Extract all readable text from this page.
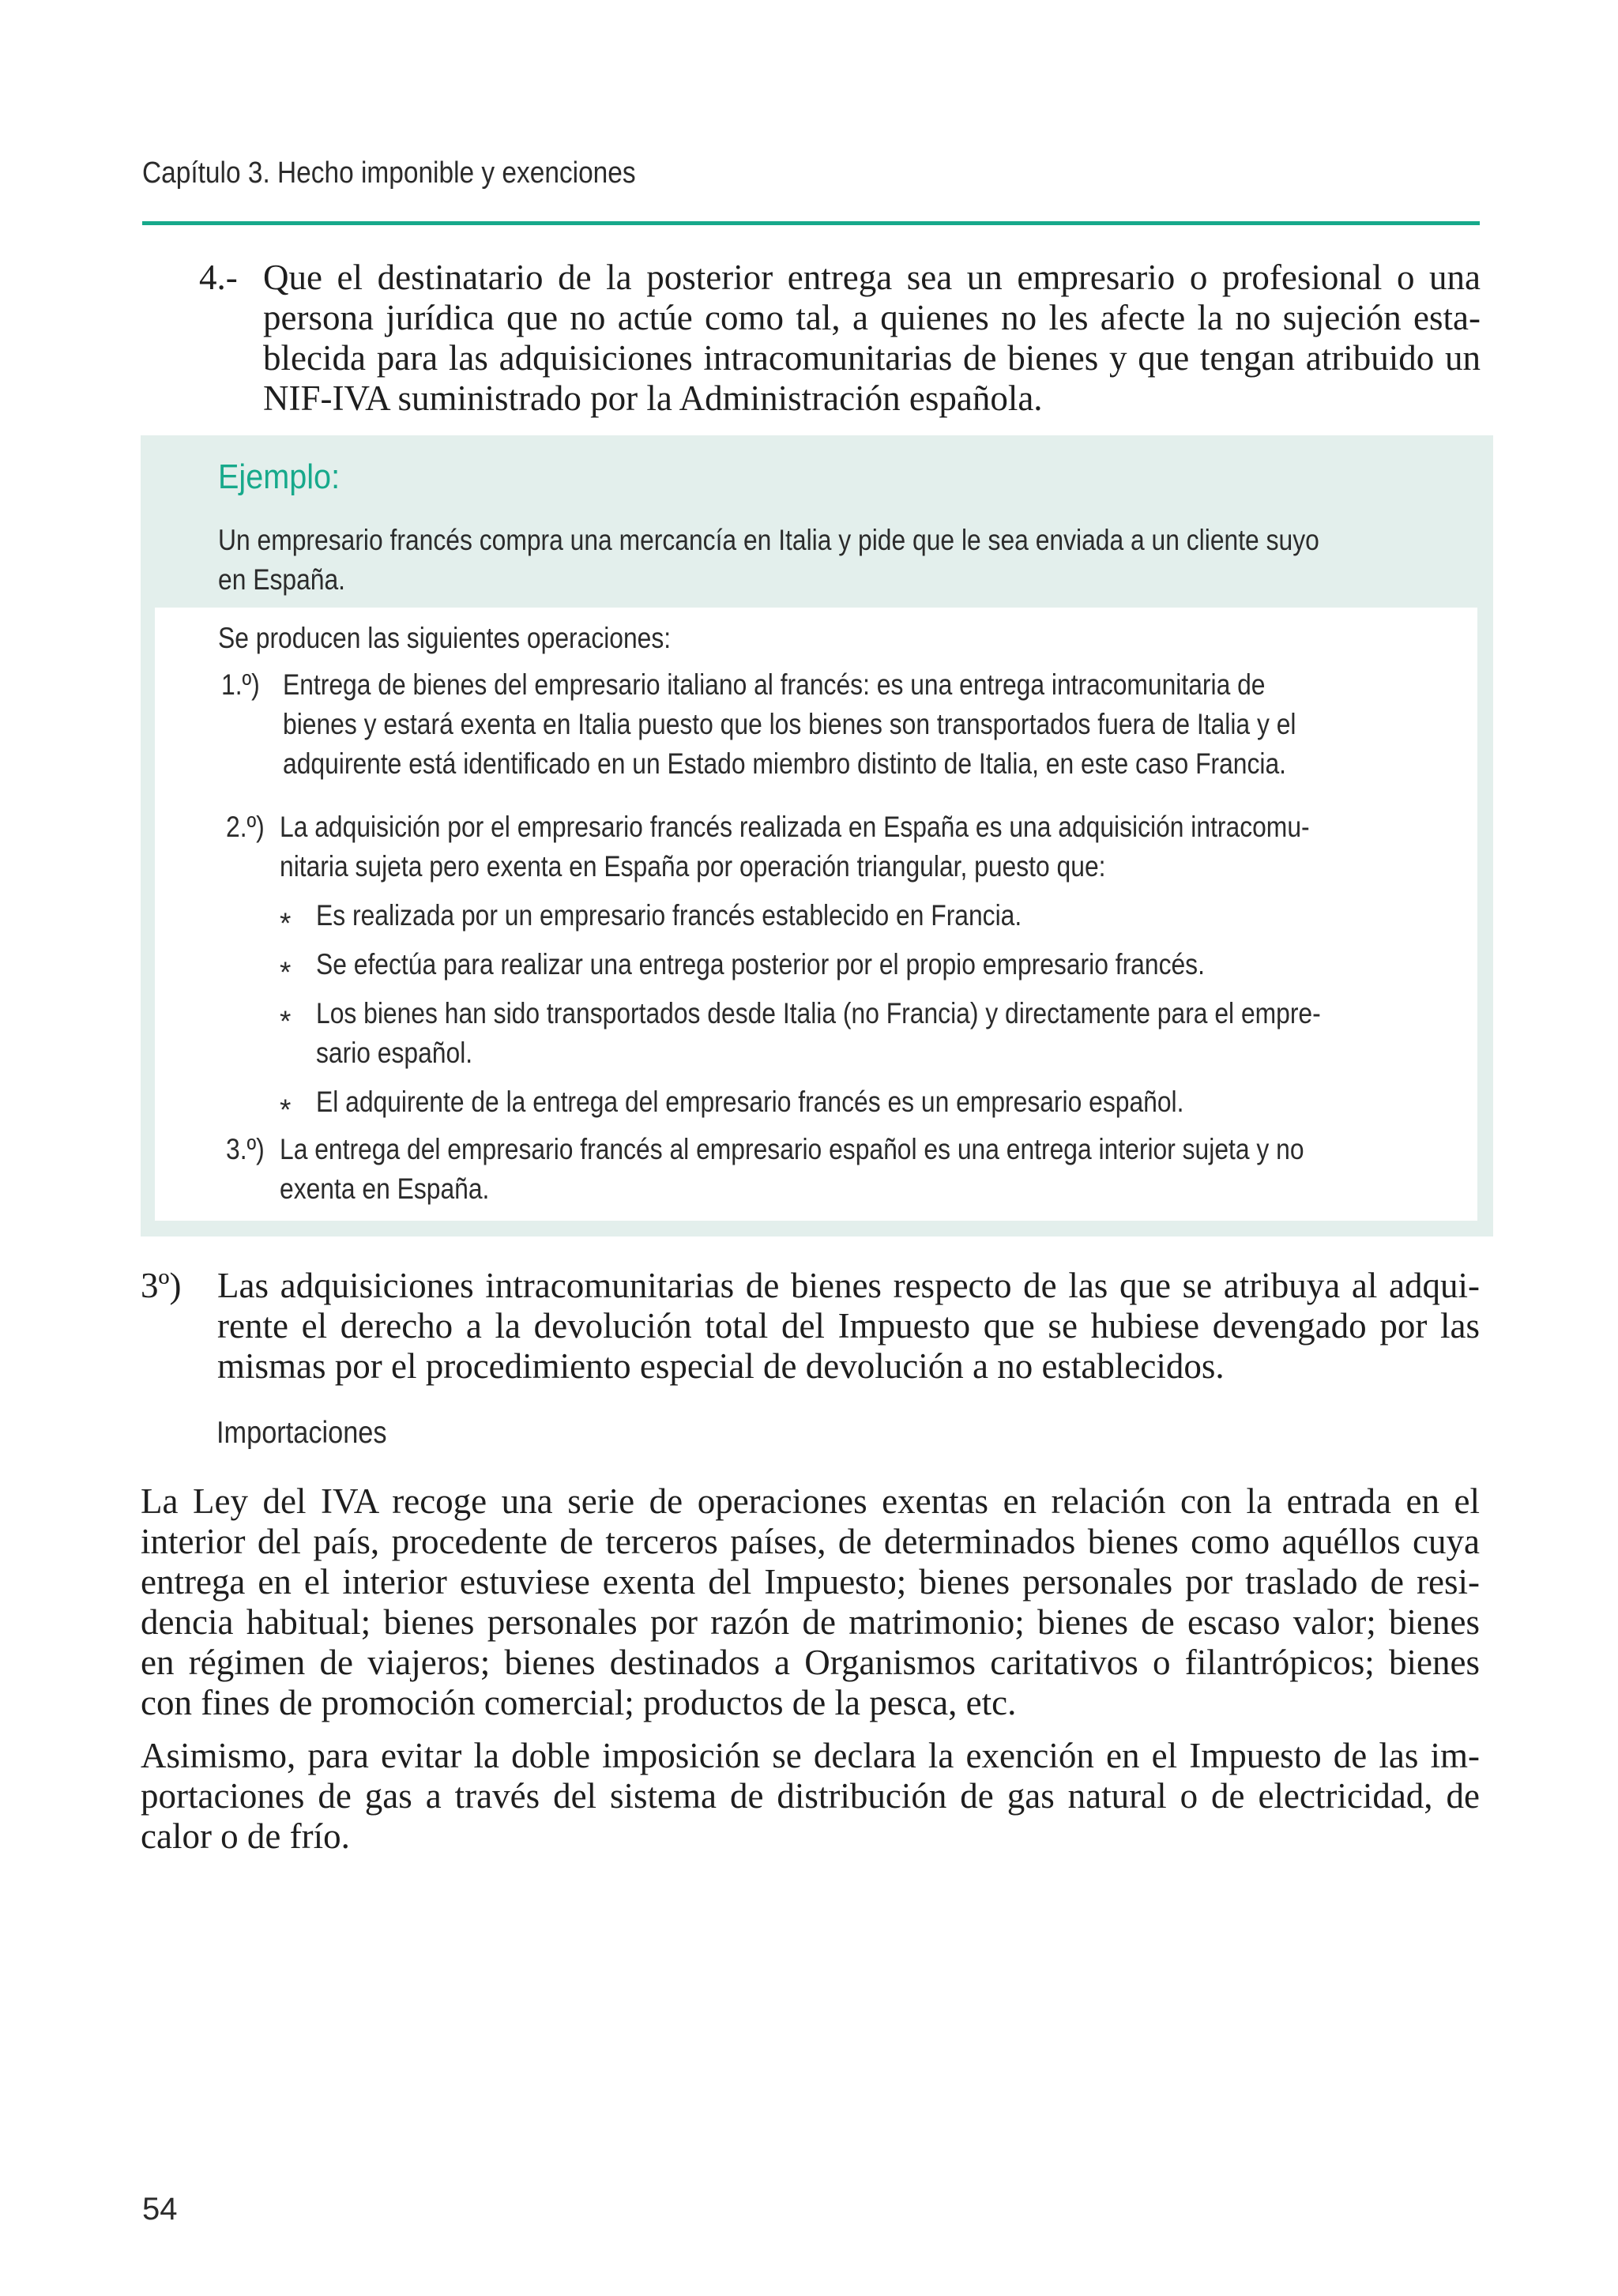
Capítulo 3. Hecho imponible y exenciones
4.- Que el destinatario de la posterior entrega sea un empresario o profesional o una
persona jurídica que no actúe como tal, a quienes no les afecte la no sujeción esta-
blecida para las adquisiciones intracomunitarias de bienes y que tengan atribuido un
NIF-IVA suministrado por la Administración española.
Ejemplo:
Un empresario francés compra una mercancía en Italia y pide que le sea enviada a un cliente suyo
en España.
Se producen las siguientes operaciones:
1.º) Entrega de bienes del empresario italiano al francés: es una entrega intracomunitaria de
bienes y estará exenta en Italia puesto que los bienes son transportados fuera de Italia y el
adquirente está identificado en un Estado miembro distinto de Italia, en este caso Francia.
2.º) La adquisición por el empresario francés realizada en España es una adquisición intracomu-
nitaria sujeta pero exenta en España por operación triangular, puesto que:
* Es realizada por un empresario francés establecido en Francia.
* Se efectúa para realizar una entrega posterior por el propio empresario francés.
* Los bienes han sido transportados desde Italia (no Francia) y directamente para el empre-
sario español.
* El adquirente de la entrega del empresario francés es un empresario español.
3.º) La entrega del empresario francés al empresario español es una entrega interior sujeta y no
exenta en España.
3º) Las adquisiciones intracomunitarias de bienes respecto de las que se atribuya al adqui-
rente el derecho a la devolución total del Impuesto que se hubiese devengado por las
mismas por el procedimiento especial de devolución a no establecidos.
Importaciones
La Ley del IVA recoge una serie de operaciones exentas en relación con la entrada en el
interior del país, procedente de terceros países, de determinados bienes como aquéllos cuya
entrega en el interior estuviese exenta del Impuesto; bienes personales por traslado de resi-
dencia habitual; bienes personales por razón de matrimonio; bienes de escaso valor; bienes
en régimen de viajeros; bienes destinados a Organismos caritativos o filantrópicos; bienes
con fines de promoción comercial; productos de la pesca, etc.
Asimismo, para evitar la doble imposición se declara la exención en el Impuesto de las im-
portaciones de gas a través del sistema de distribución de gas natural o de electricidad, de
calor o de frío.
54
